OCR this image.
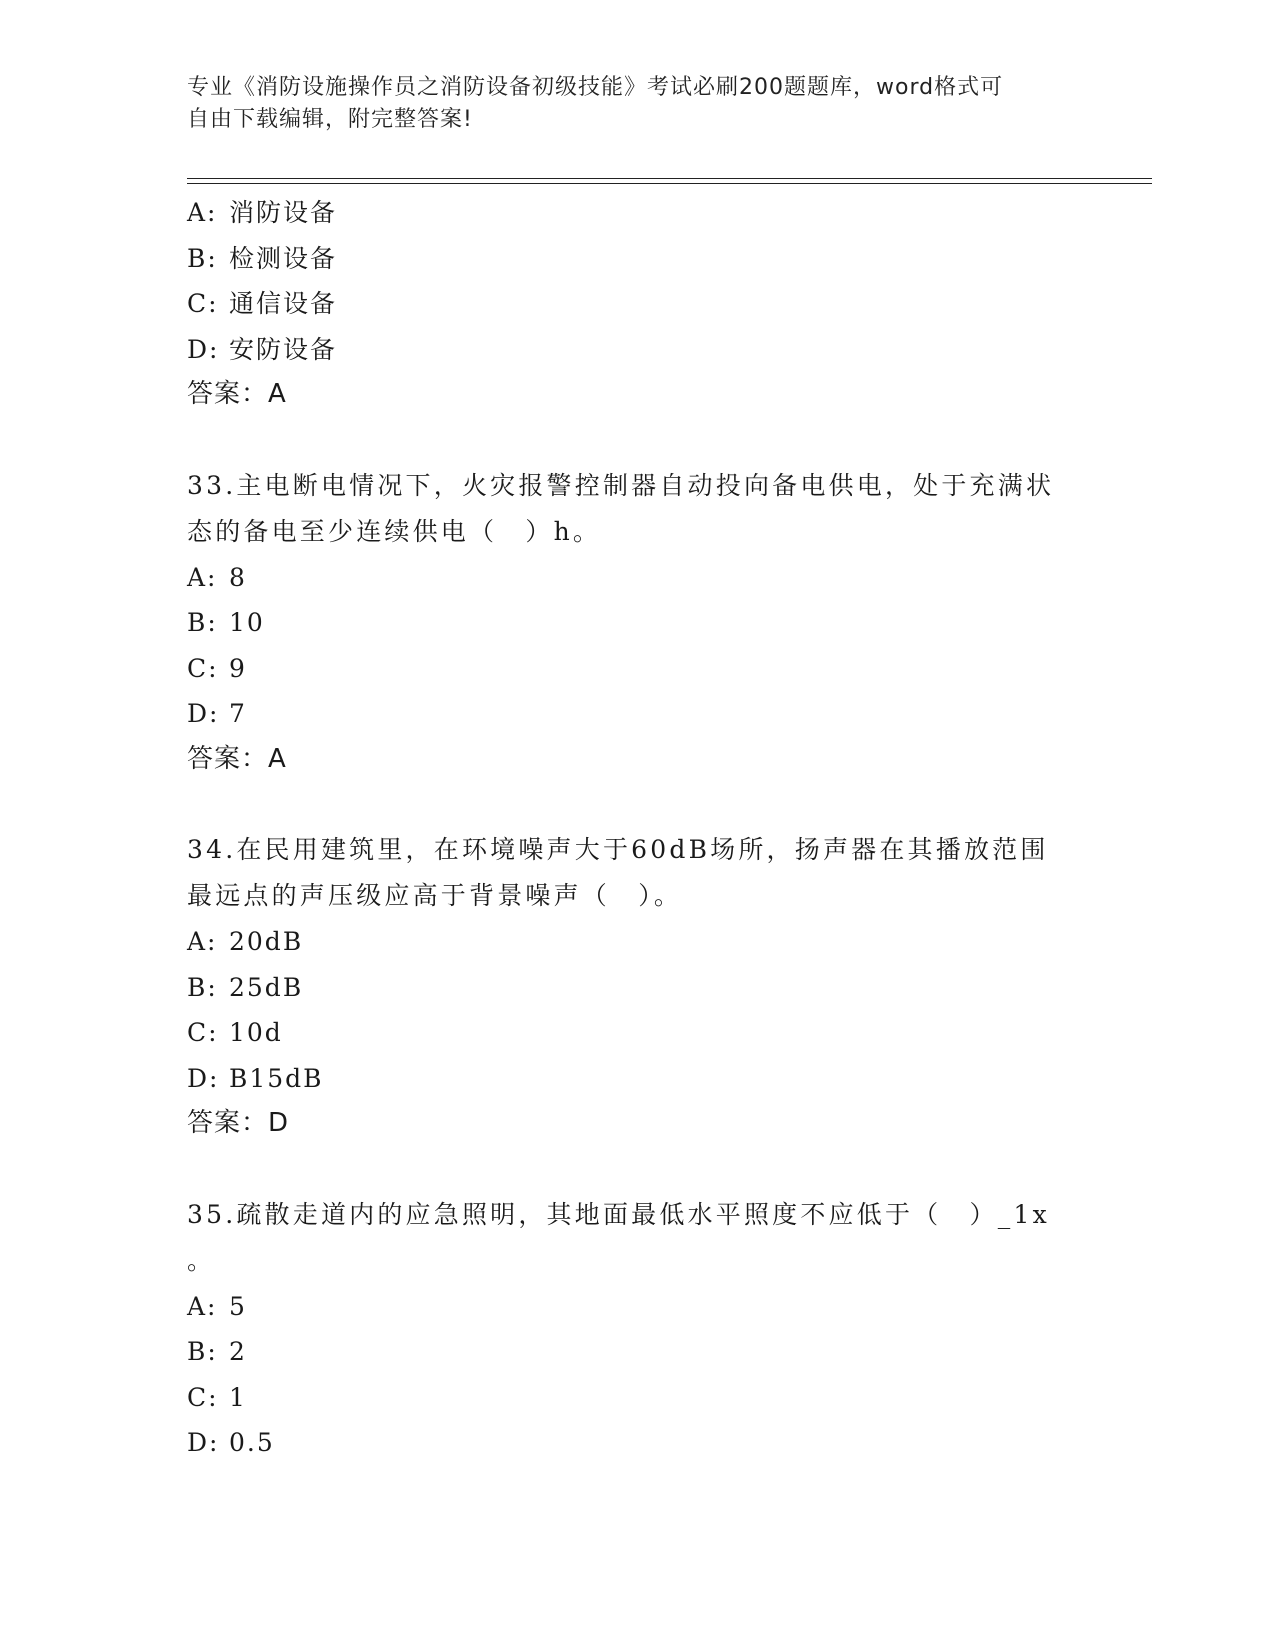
专业《消防设施操作员之消防设备初级技能》考试必刷200题题库，word格式可
自由下载编辑，附完整答案!
A: 消防设备
B: 检测设备
C: 通信设备
D: 安防设备
答案：A
33.主电断电情况下，火灾报警控制器自动投向备电供电，处于充满状
态的备电至少连续供电（　）h。
A: 8
B: 10
C: 9
D: 7
答案：A
34.在民用建筑里，在环境噪声大于60dB场所，扬声器在其播放范围
最远点的声压级应高于背景噪声（　）。
A: 20dB
B: 25dB
C: 10d
D: B15dB
答案：D
35.疏散走道内的应急照明，其地面最低水平照度不应低于（　）_1x
。
A: 5
B: 2
C: 1
D: 0.5
